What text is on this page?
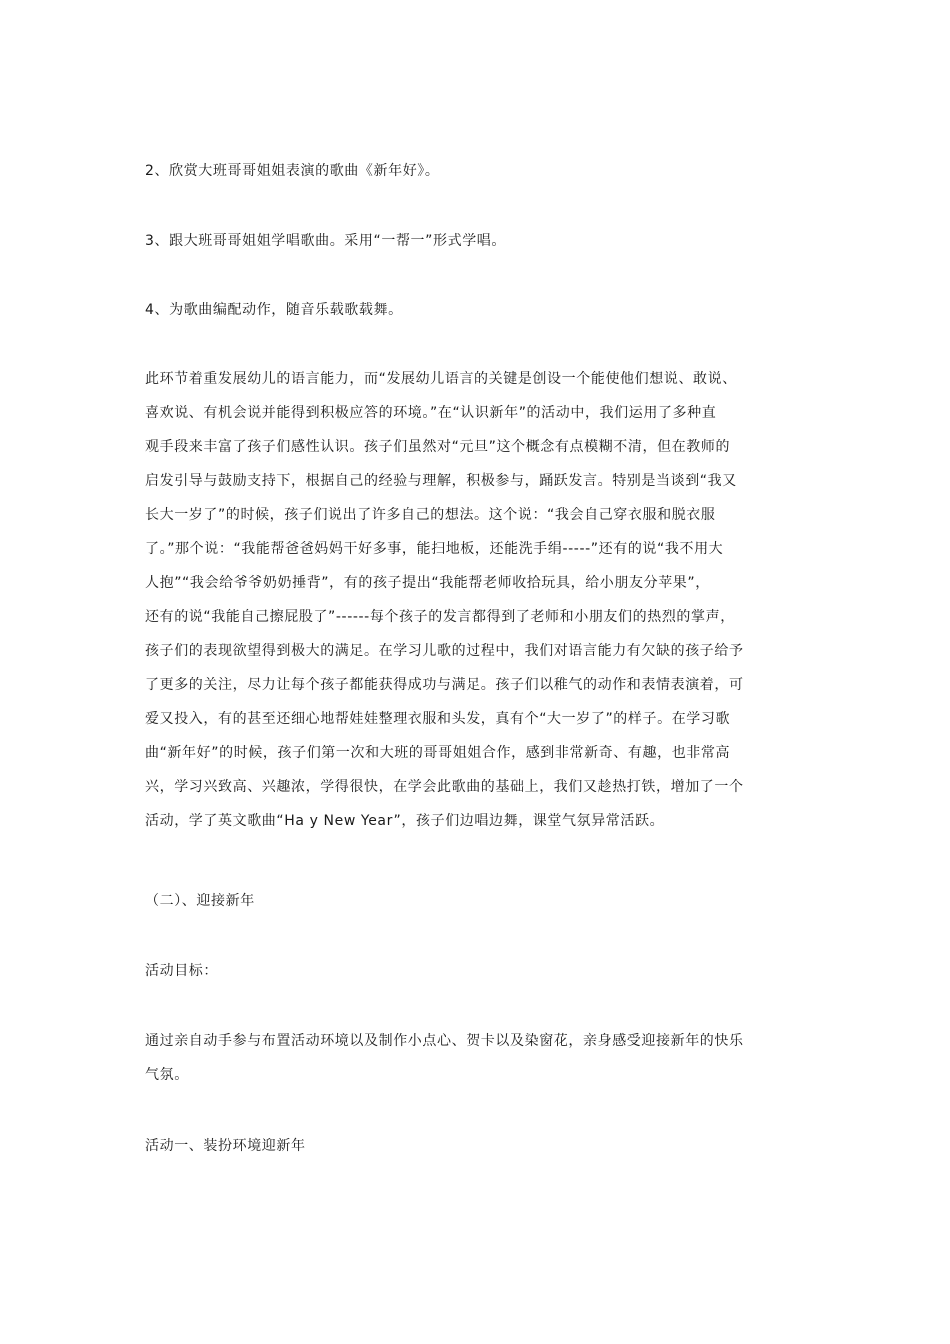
2、欣赏大班哥哥姐姐表演的歌曲《新年好》。

3、跟大班哥哥姐姐学唱歌曲。采用“一帮一”形式学唱。

4、为歌曲编配动作，随音乐载歌载舞。

此环节着重发展幼儿的语言能力，而“发展幼儿语言的关键是创设一个能使他们想说、敢说、
喜欢说、有机会说并能得到积极应答的环境。”在“认识新年”的活动中，我们运用了多种直
观手段来丰富了孩子们感性认识。孩子们虽然对“元旦”这个概念有点模糊不清，但在教师的
启发引导与鼓励支持下，根据自己的经验与理解，积极参与，踊跃发言。特别是当谈到“我又
长大一岁了”的时候，孩子们说出了许多自己的想法。这个说：“我会自己穿衣服和脱衣服
了。”那个说：“我能帮爸爸妈妈干好多事，能扫地板，还能洗手绢-----”还有的说“我不用大
人抱”“我会给爷爷奶奶捶背”，有的孩子提出“我能帮老师收拾玩具，给小朋友分苹果”，
还有的说“我能自己擦屁股了”------每个孩子的发言都得到了老师和小朋友们的热烈的掌声，
孩子们的表现欲望得到极大的满足。在学习儿歌的过程中，我们对语言能力有欠缺的孩子给予
了更多的关注，尽力让每个孩子都能获得成功与满足。孩子们以稚气的动作和表情表演着，可
爱又投入，有的甚至还细心地帮娃娃整理衣服和头发，真有个“大一岁了”的样子。在学习歌
曲“新年好”的时候，孩子们第一次和大班的哥哥姐姐合作，感到非常新奇、有趣，也非常高
兴，学习兴致高、兴趣浓，学得很快，在学会此歌曲的基础上，我们又趁热打铁，增加了一个
活动，学了英文歌曲“Ha y New Year”，孩子们边唱边舞，课堂气氛异常活跃。

（二）、迎接新年

活动目标：

通过亲自动手参与布置活动环境以及制作小点心、贺卡以及染窗花，亲身感受迎接新年的快乐
气氛。

活动一、装扮环境迎新年
